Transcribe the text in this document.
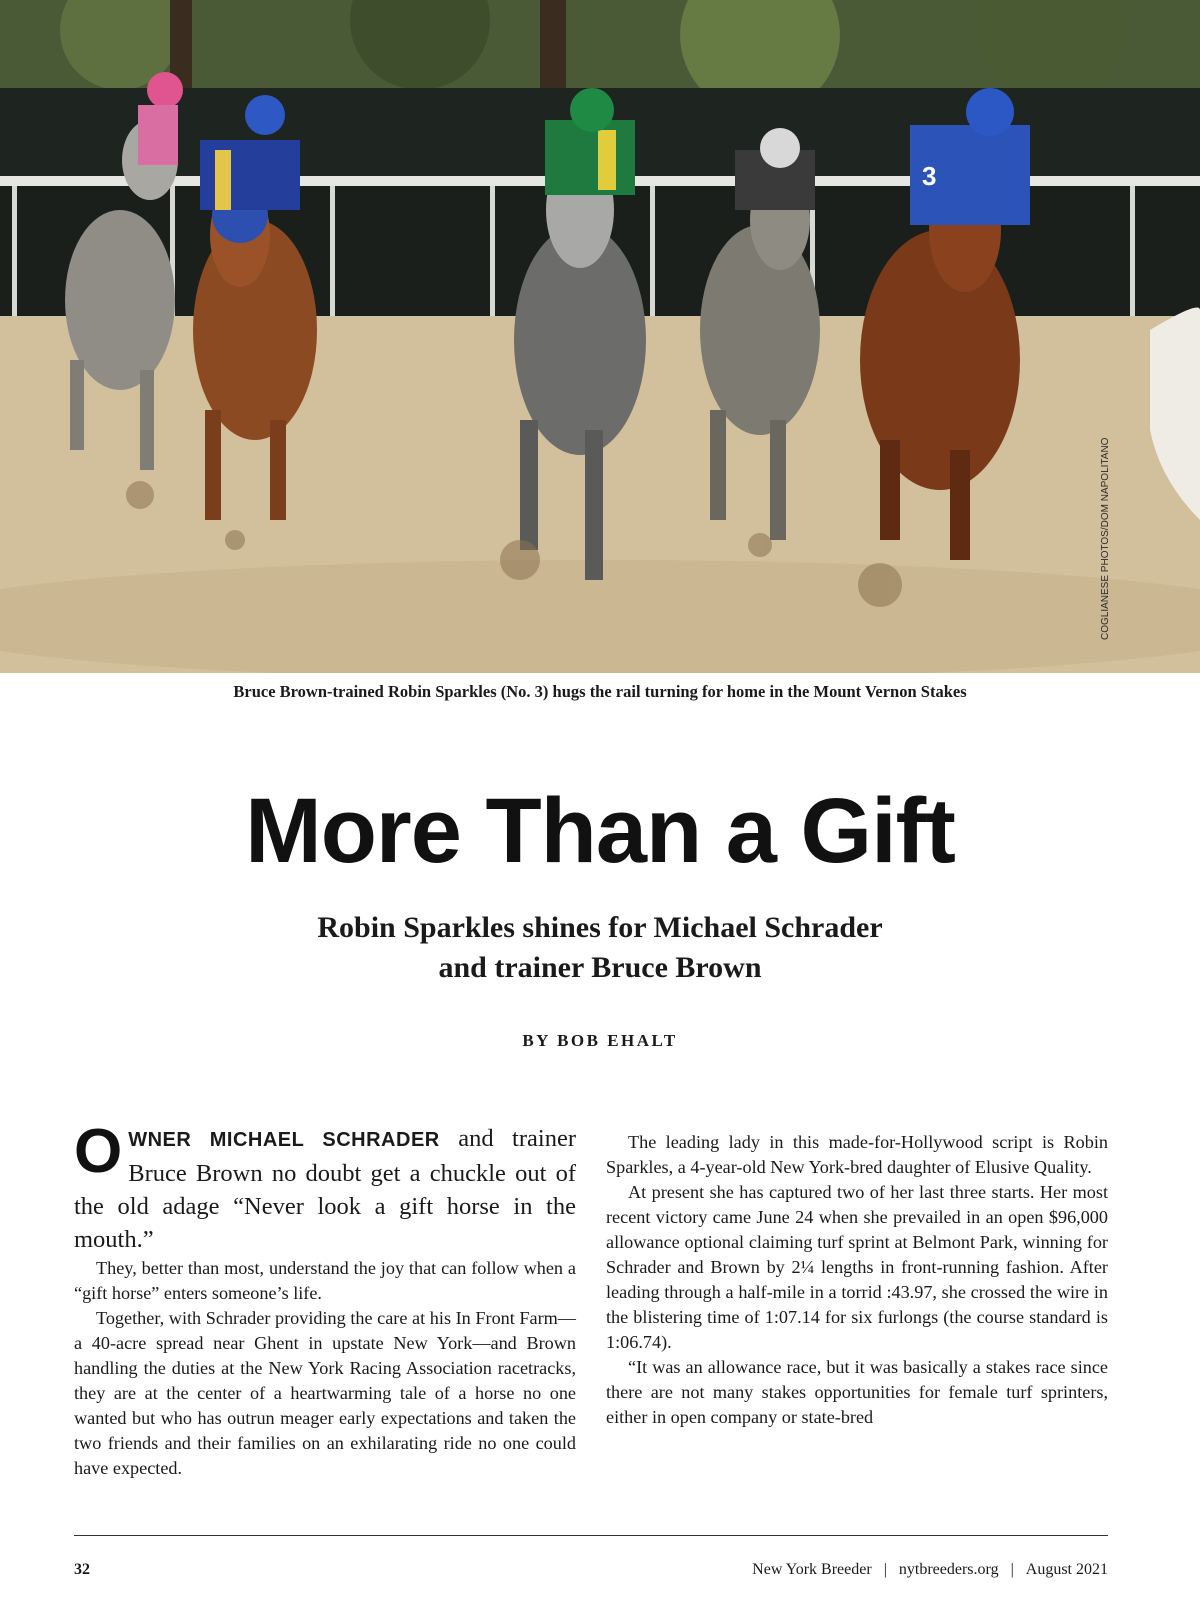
3
COGLIANESE PHOTOS/DOM NAPOLITANO
Bruce Brown-trained Robin Sparkles (No. 3) hugs the rail turning for home in the Mount Vernon Stakes
More Than a Gift
Robin Sparkles shines for Michael Schrader
and trainer Bruce Brown
BY BOB EHALT

OWNER MICHAEL SCHRADER and trainer Bruce Brown no doubt get a chuckle out of the old adage “Never look a gift horse in the mouth.”

They, better than most, understand the joy that can follow when a “gift horse” enters someone’s life.

Together, with Schrader providing the care at his In Front Farm—a 40-acre spread near Ghent in upstate New York—and Brown handling the duties at the New York Racing Association racetracks, they are at the center of a heartwarming tale of a horse no one wanted but who has outrun meager early expectations and taken the two friends and their families on an exhilarating ride no one could have expected.

The leading lady in this made-for-Hollywood script is Robin Sparkles, a 4-year-old New York-bred daughter of Elusive Quality.

At present she has captured two of her last three starts. Her most recent victory came June 24 when she prevailed in an open $96,000 allowance optional claiming turf sprint at Belmont Park, winning for Schrader and Brown by 2¼ lengths in front-running fashion. After leading through a half-mile in a torrid :43.97, she crossed the wire in the blistering time of 1:07.14 for six furlongs (the course standard is 1:06.74).

“It was an allowance race, but it was basically a stakes race since there are not many stakes opportunities for female turf sprinters, either in open company or state-bred

32	New York Breeder | nytbreeders.org | August 2021
